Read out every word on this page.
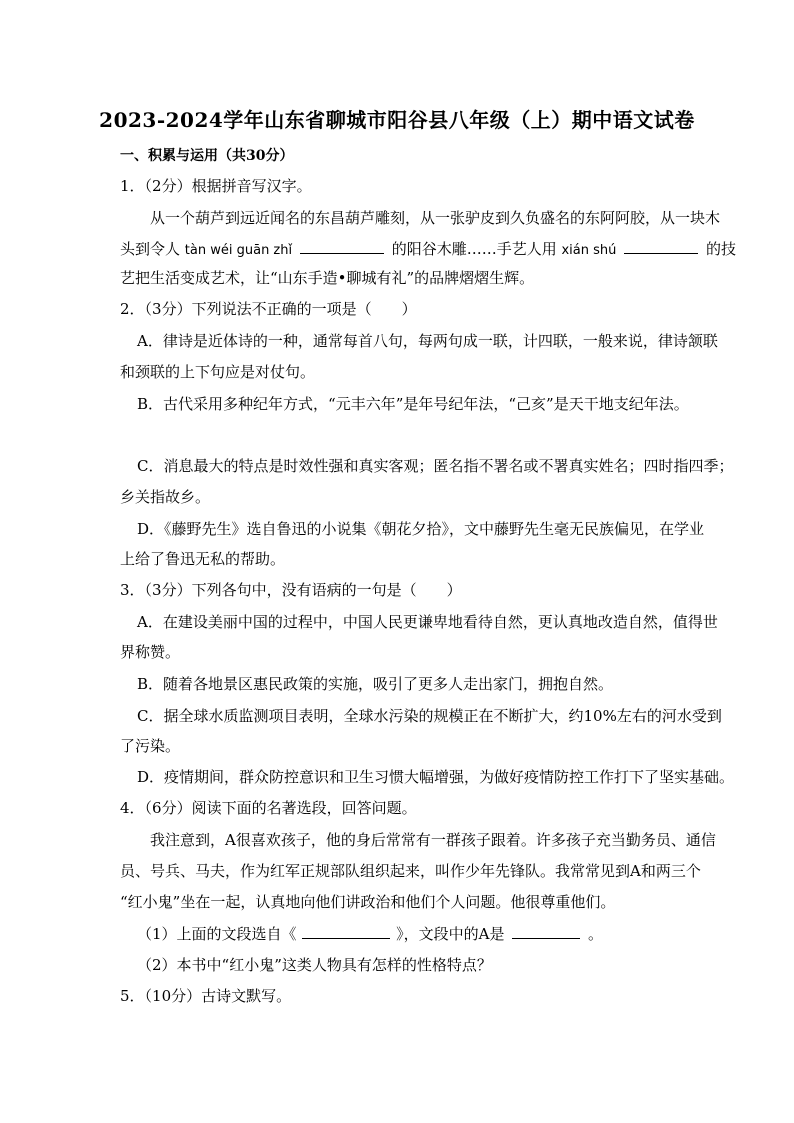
2023-2024学年山东省聊城市阳谷县八年级（上）期中语文试卷
一、积累与运用（共30分）
1．（2分）根据拼音写汉字。
从一个葫芦到远近闻名的东昌葫芦雕刻，从一张驴皮到久负盛名的东阿阿胶，从一块木
头到令人 tàn wéi guān zhǐ	的阳谷木雕……手艺人用 xián shú	的技
艺把生活变成艺术，让“山东手造•聊城有礼”的品牌熠熠生辉。
2．（3分）下列说法不正确的一项是（　　）
A．律诗是近体诗的一种，通常每首八句，每两句成一联，计四联，一般来说，律诗颔联
和颈联的上下句应是对仗句。
B．古代采用多种纪年方式，“元丰六年”是年号纪年法，“己亥”是天干地支纪年法。
C．消息最大的特点是时效性强和真实客观；匿名指不署名或不署真实姓名；四时指四季；
乡关指故乡。
D．《藤野先生》选自鲁迅的小说集《朝花夕拾》，文中藤野先生毫无民族偏见，在学业
上给了鲁迅无私的帮助。
3．（3分）下列各句中，没有语病的一句是（　　）
A．在建设美丽中国的过程中，中国人民更谦卑地看待自然，更认真地改造自然，值得世
界称赞。
B．随着各地景区惠民政策的实施，吸引了更多人走出家门，拥抱自然。
C．据全球水质监测项目表明，全球水污染的规模正在不断扩大，约10%左右的河水受到
了污染。
D．疫情期间，群众防控意识和卫生习惯大幅增强，为做好疫情防控工作打下了坚实基础。
4．（6分）阅读下面的名著选段，回答问题。
我注意到，A很喜欢孩子，他的身后常常有一群孩子跟着。许多孩子充当勤务员、通信
员、号兵、马夫，作为红军正规部队组织起来，叫作少年先锋队。我常常见到A和两三个
“红小鬼”坐在一起，认真地向他们讲政治和他们个人问题。他很尊重他们。
（1）上面的文段选自《	》，文段中的A是	。
（2）本书中“红小鬼”这类人物具有怎样的性格特点？
5．（10分）古诗文默写。
